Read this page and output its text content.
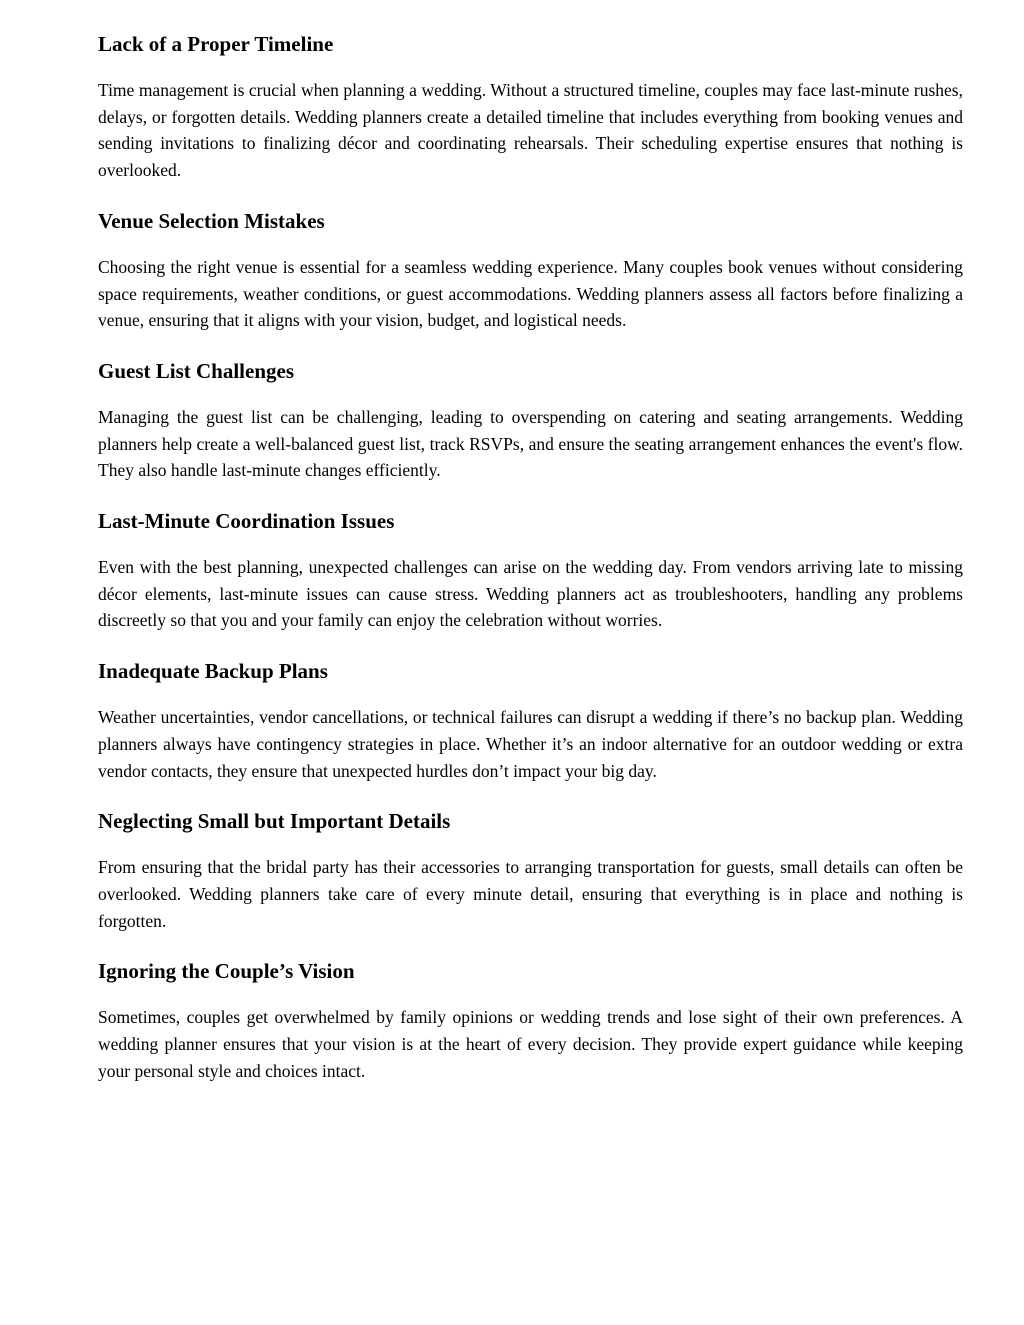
Lack of a Proper Timeline

Time management is crucial when planning a wedding. Without a structured timeline, couples may face last-minute rushes, delays, or forgotten details. Wedding planners create a detailed timeline that includes everything from booking venues and sending invitations to finalizing décor and coordinating rehearsals. Their scheduling expertise ensures that nothing is overlooked.

Venue Selection Mistakes

Choosing the right venue is essential for a seamless wedding experience. Many couples book venues without considering space requirements, weather conditions, or guest accommodations. Wedding planners assess all factors before finalizing a venue, ensuring that it aligns with your vision, budget, and logistical needs.

Guest List Challenges

Managing the guest list can be challenging, leading to overspending on catering and seating arrangements. Wedding planners help create a well-balanced guest list, track RSVPs, and ensure the seating arrangement enhances the event's flow. They also handle last-minute changes efficiently.

Last-Minute Coordination Issues

Even with the best planning, unexpected challenges can arise on the wedding day. From vendors arriving late to missing décor elements, last-minute issues can cause stress. Wedding planners act as troubleshooters, handling any problems discreetly so that you and your family can enjoy the celebration without worries.

Inadequate Backup Plans

Weather uncertainties, vendor cancellations, or technical failures can disrupt a wedding if there’s no backup plan. Wedding planners always have contingency strategies in place. Whether it’s an indoor alternative for an outdoor wedding or extra vendor contacts, they ensure that unexpected hurdles don’t impact your big day.

Neglecting Small but Important Details

From ensuring that the bridal party has their accessories to arranging transportation for guests, small details can often be overlooked. Wedding planners take care of every minute detail, ensuring that everything is in place and nothing is forgotten.

Ignoring the Couple’s Vision

Sometimes, couples get overwhelmed by family opinions or wedding trends and lose sight of their own preferences. A wedding planner ensures that your vision is at the heart of every decision. They provide expert guidance while keeping your personal style and choices intact.
